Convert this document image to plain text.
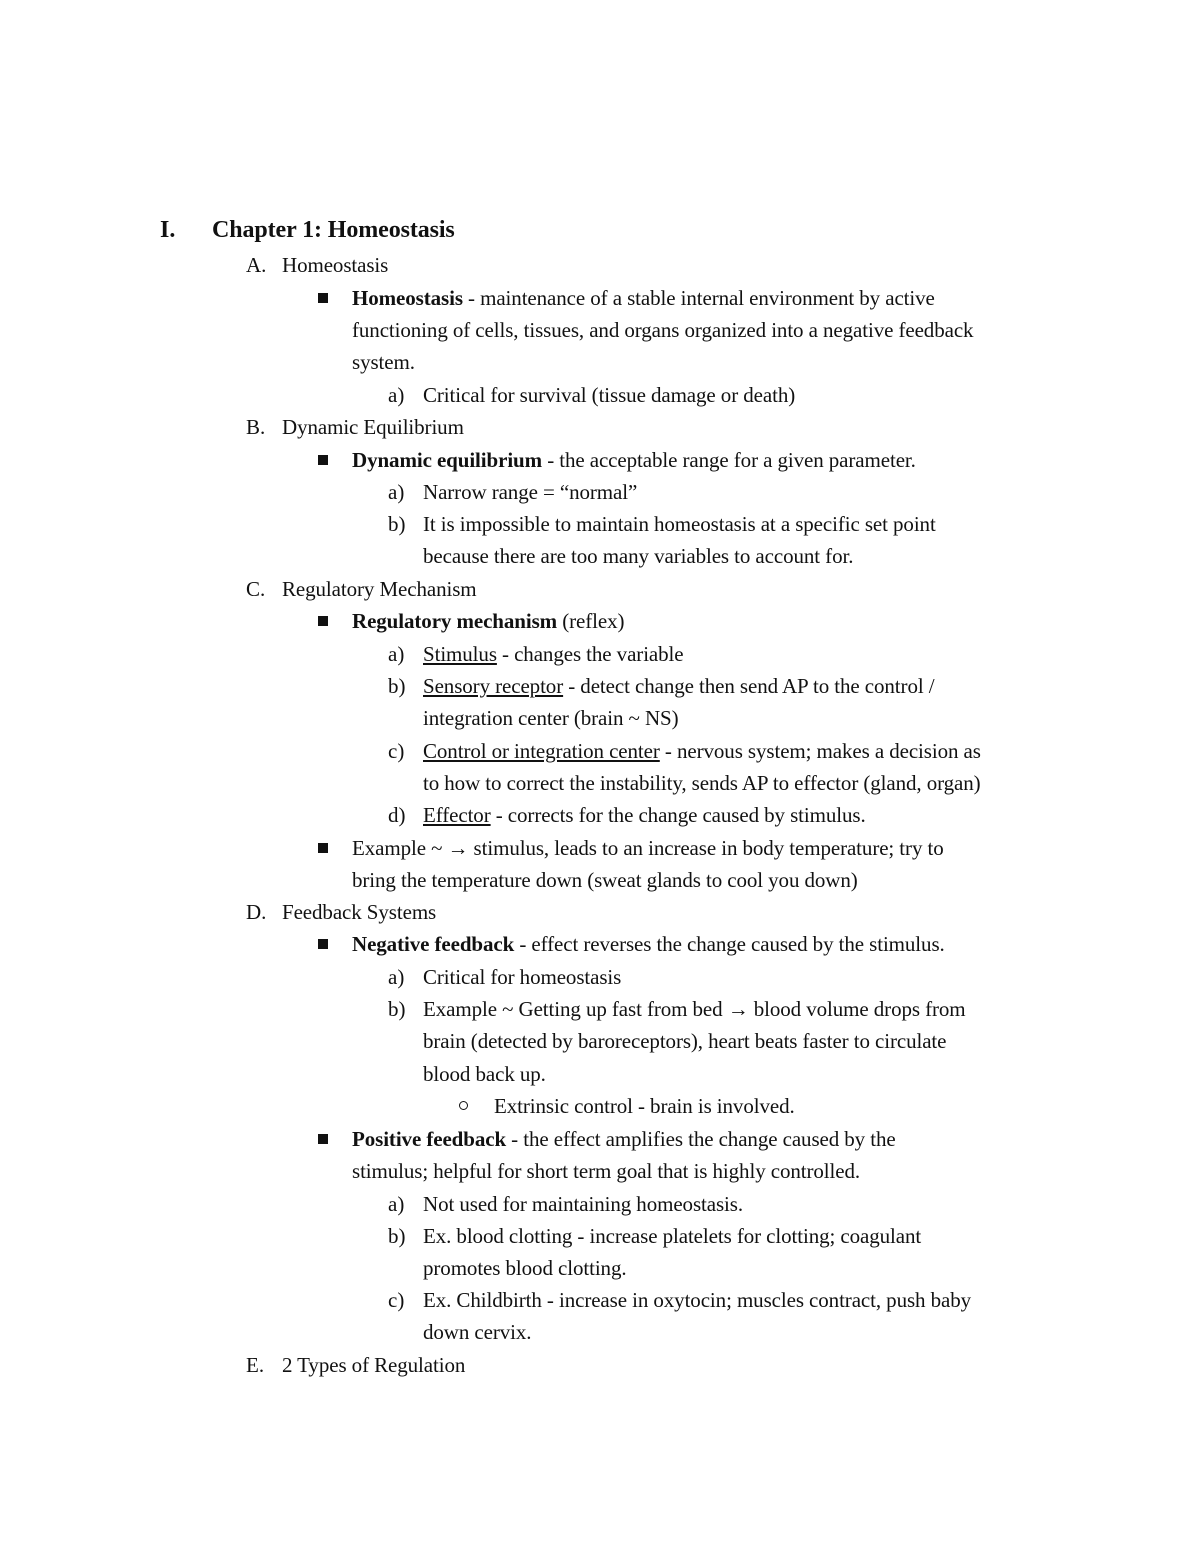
I. Chapter 1: Homeostasis
A. Homeostasis
Homeostasis - maintenance of a stable internal environment by active
functioning of cells, tissues, and organs organized into a negative feedback
system.
a) Critical for survival (tissue damage or death)
B. Dynamic Equilibrium
Dynamic equilibrium - the acceptable range for a given parameter.
a) Narrow range = “normal”
b) It is impossible to maintain homeostasis at a specific set point
because there are too many variables to account for.
C. Regulatory Mechanism
Regulatory mechanism (reflex)
a) Stimulus - changes the variable
b) Sensory receptor - detect change then send AP to the control /
integration center (brain ~ NS)
c) Control or integration center - nervous system; makes a decision as
to how to correct the instability, sends AP to effector (gland, organ)
d) Effector - corrects for the change caused by stimulus.
Example ~ → stimulus, leads to an increase in body temperature; try to
bring the temperature down (sweat glands to cool you down)
D. Feedback Systems
Negative feedback - effect reverses the change caused by the stimulus.
a) Critical for homeostasis
b) Example ~ Getting up fast from bed → blood volume drops from
brain (detected by baroreceptors), heart beats faster to circulate
blood back up.
Extrinsic control - brain is involved.
Positive feedback - the effect amplifies the change caused by the
stimulus; helpful for short term goal that is highly controlled.
a) Not used for maintaining homeostasis.
b) Ex. blood clotting - increase platelets for clotting; coagulant
promotes blood clotting.
c) Ex. Childbirth - increase in oxytocin; muscles contract, push baby
down cervix.
E. 2 Types of Regulation
